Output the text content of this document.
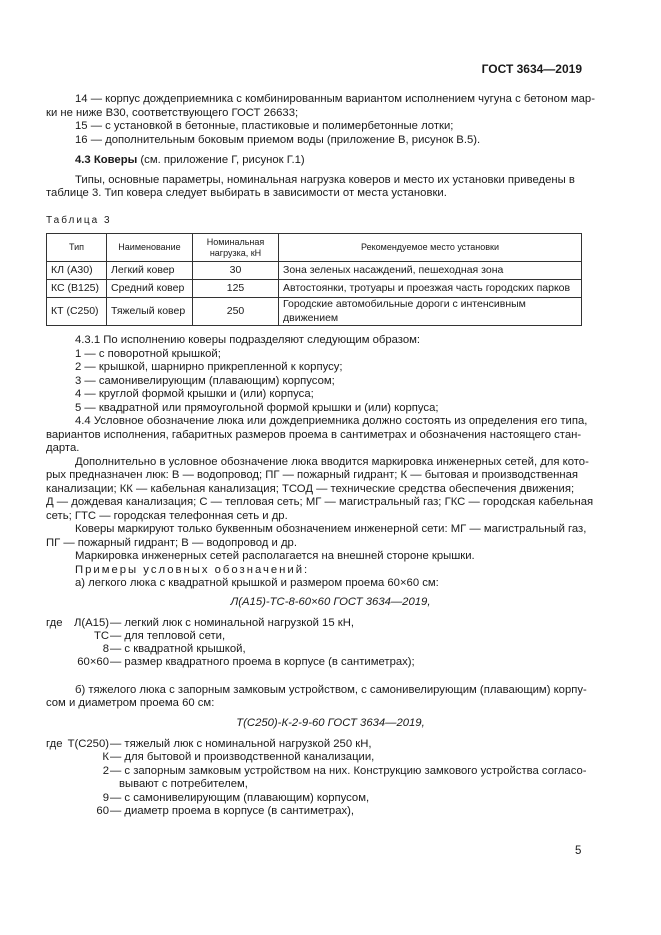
ГОСТ 3634—2019
14 — корпус дождеприемника с комбинированным вариантом исполнением чугуна с бетоном мар-
ки не ниже В30, соответствующего ГОСТ 26633;
15 — с установкой в бетонные, пластиковые и полимербетонные лотки;
16 — дополнительным боковым приемом воды (приложение В, рисунок В.5).
4.3 Коверы (см. приложение Г, рисунок Г.1)
Типы, основные параметры, номинальная нагрузка коверов и место их установки приведены в
таблице 3. Тип ковера следует выбирать в зависимости от места установки.
Таблица 3
Тип	Наименование	Номинальная нагрузка, кН	Рекомендуемое место установки
КЛ (А30)	Легкий ковер	30	Зона зеленых насаждений, пешеходная зона
КС (В125)	Средний ковер	125	Автостоянки, тротуары и проезжая часть городских парков
КТ (С250)	Тяжелый ковер	250	Городские автомобильные дороги с интенсивным движением
4.3.1 По исполнению коверы подразделяют следующим образом:
1 — с поворотной крышкой;
2 — крышкой, шарнирно прикрепленной к корпусу;
3 — самонивелирующим (плавающим) корпусом;
4 — круглой формой крышки и (или) корпуса;
5 — квадратной или прямоугольной формой крышки и (или) корпуса;
4.4 Условное обозначение люка или дождеприемника должно состоять из определения его типа,
вариантов исполнения, габаритных размеров проема в сантиметрах и обозначения настоящего стан-
дарта.
Дополнительно в условное обозначение люка вводится маркировка инженерных сетей, для кото-
рых предназначен люк: В — водопровод; ПГ — пожарный гидрант; К — бытовая и производственная
канализации; КК — кабельная канализация; ТСОД — технические средства обеспечения движения;
Д — дождевая канализация; С — тепловая сеть; МГ — магистральный газ; ГКС — городская кабельная
сеть; ГТС — городская телефонная сеть и др.
Коверы маркируют только буквенным обозначением инженерной сети: МГ — магистральный газ,
ПГ — пожарный гидрант; В — водопровод и др.
Маркировка инженерных сетей располагается на внешней стороне крышки.
Примеры условных обозначений:
а) легкого люка с квадратной крышкой и размером проема 60×60 см:
Л(А15)-ТС-8-60×60 ГОСТ 3634—2019,
где	Л(А15) — легкий люк с номинальной нагрузкой 15 кН,
ТС — для тепловой сети,
8 — с квадратной крышкой,
60×60 — размер квадратного проема в корпусе (в сантиметрах);
б) тяжелого люка с запорным замковым устройством, с самонивелирующим (плавающим) корпу-
сом и диаметром проема 60 см:
Т(С250)-К-2-9-60 ГОСТ 3634—2019,
где Т(С250) — тяжелый люк с номинальной нагрузкой 250 кН,
К — для бытовой и производственной канализации,
2 — с запорным замковым устройством на них. Конструкцию замкового устройства согласо-
вывают с потребителем,
9 — с самонивелирующим (плавающим) корпусом,
60 — диаметр проема в корпусе (в сантиметрах),
5
